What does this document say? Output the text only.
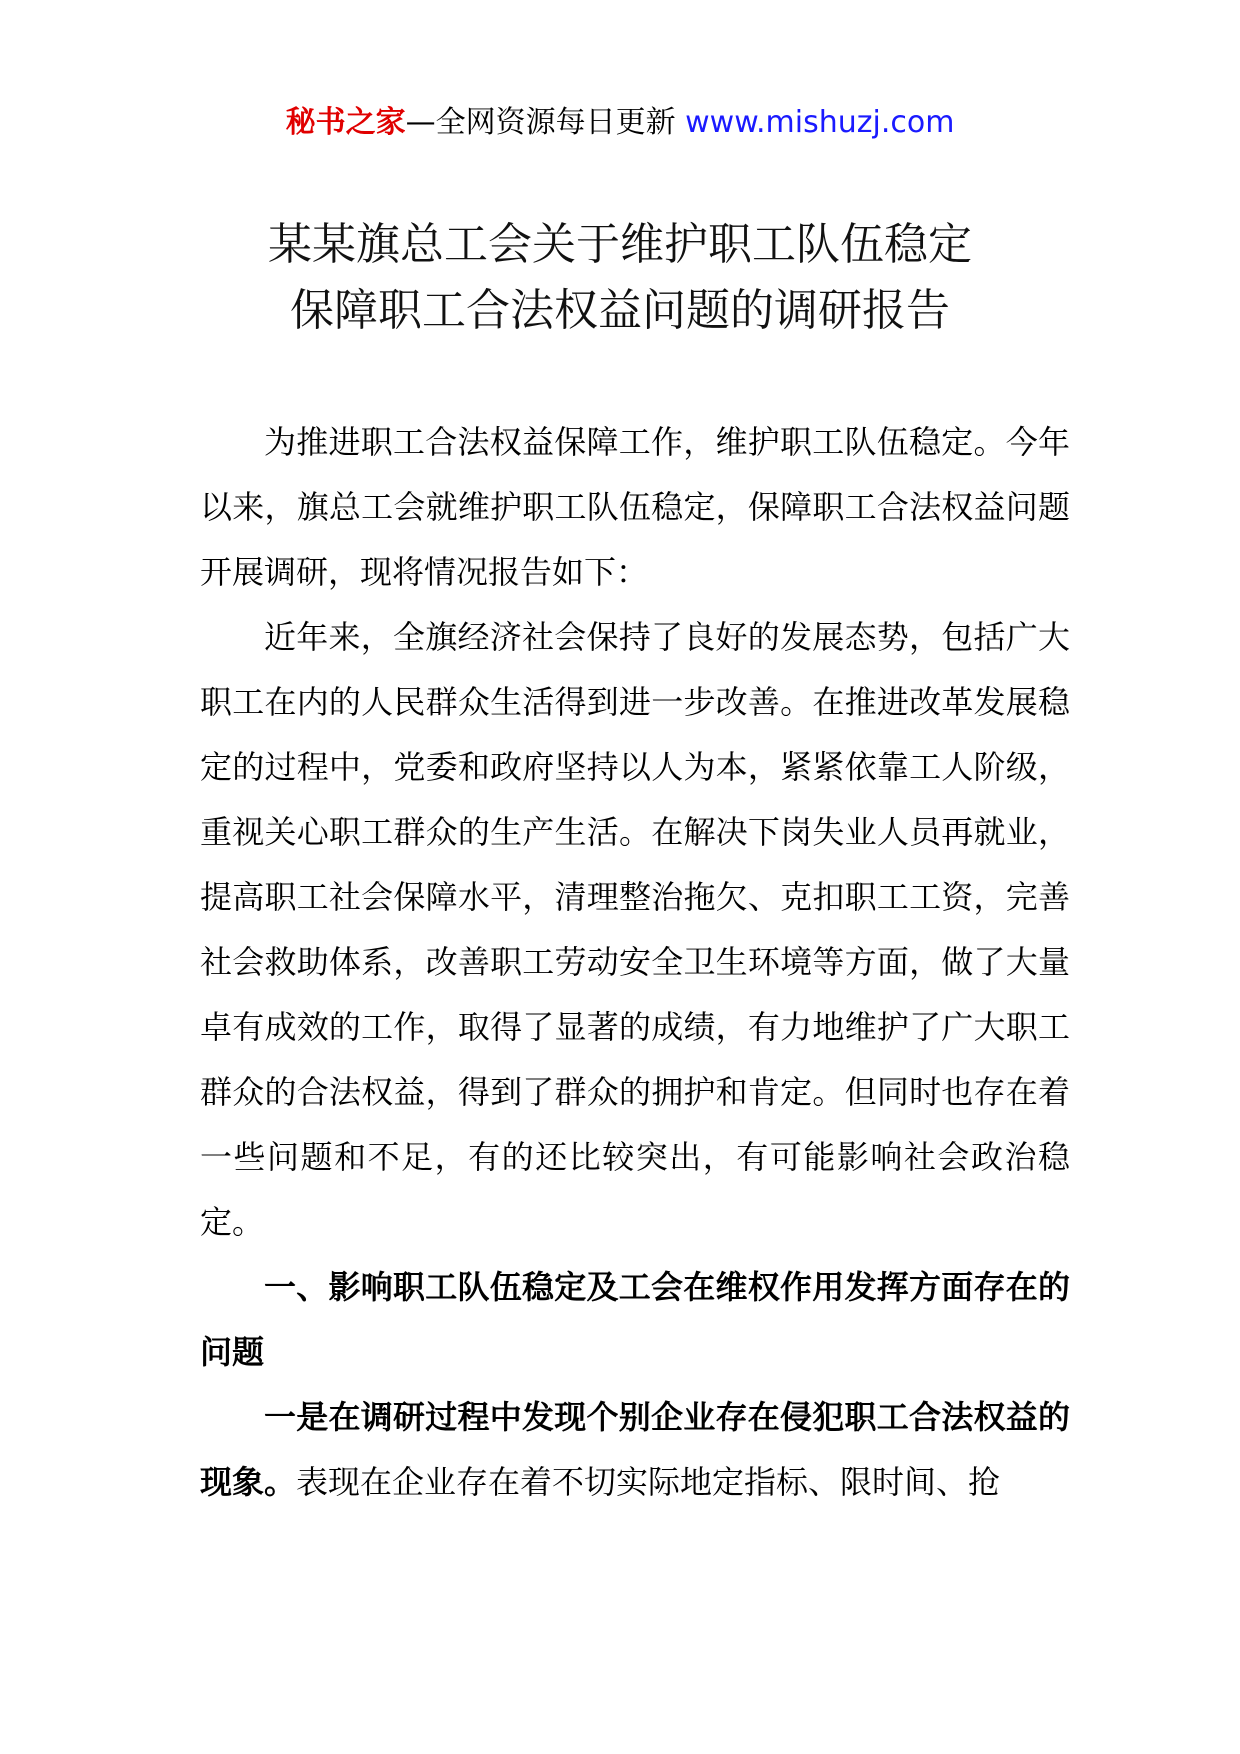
秘书之家—全网资源每日更新 www.mishuzj.com
某某旗总工会关于维护职工队伍稳定
保障职工合法权益问题的调研报告

为推进职工合法权益保障工作，维护职工队伍稳定。今年以来，旗总工会就维护职工队伍稳定，保障职工合法权益问题开展调研，现将情况报告如下：

近年来，全旗经济社会保持了良好的发展态势，包括广大职工在内的人民群众生活得到进一步改善。在推进改革发展稳定的过程中，党委和政府坚持以人为本，紧紧依靠工人阶级，重视关心职工群众的生产生活。在解决下岗失业人员再就业，提高职工社会保障水平，清理整治拖欠、克扣职工工资，完善社会救助体系，改善职工劳动安全卫生环境等方面，做了大量卓有成效的工作，取得了显著的成绩，有力地维护了广大职工群众的合法权益，得到了群众的拥护和肯定。但同时也存在着一些问题和不足，有的还比较突出，有可能影响社会政治稳定。

一、影响职工队伍稳定及工会在维权作用发挥方面存在的问题

一是在调研过程中发现个别企业存在侵犯职工合法权益的现象。表现在企业存在着不切实际地定指标、限时间、抢
